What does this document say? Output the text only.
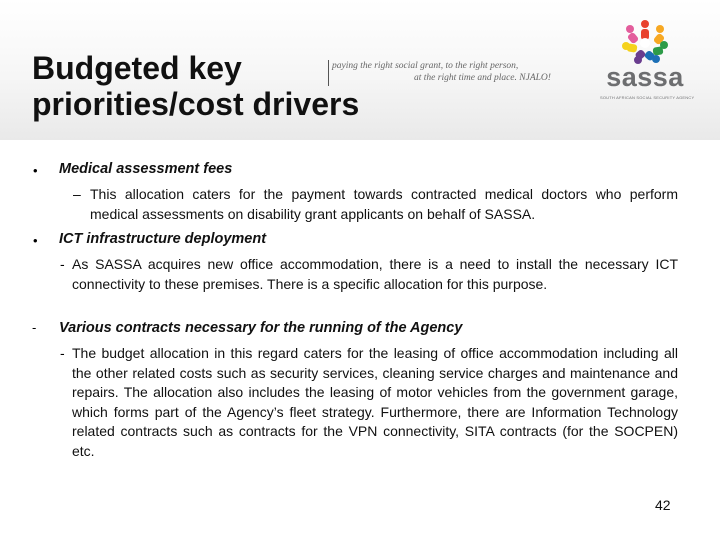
Budgeted key
priorities/cost drivers
paying the right social grant, to the right person,
at the right time and place. NJALO!	sassa
SOUTH AFRICAN SOCIAL SECURITY AGENCY
• Medical assessment fees
– This allocation caters for the payment towards contracted medical doctors who perform medical assessments on disability grant applicants on behalf of SASSA.
• ICT infrastructure deployment
- As SASSA acquires new office accommodation, there is a need to install the necessary ICT connectivity to these premises. There is a specific allocation for this purpose.
- Various contracts necessary for the running of the Agency
- The budget allocation in this regard caters for the leasing of office accommodation including all the other related costs such as security services, cleaning service charges and maintenance and repairs. The allocation also includes the leasing of motor vehicles from the government garage, which forms part of the Agency’s fleet strategy. Furthermore, there are Information Technology related contracts such as contracts for the VPN connectivity, SITA contracts (for the SOCPEN) etc.
42
